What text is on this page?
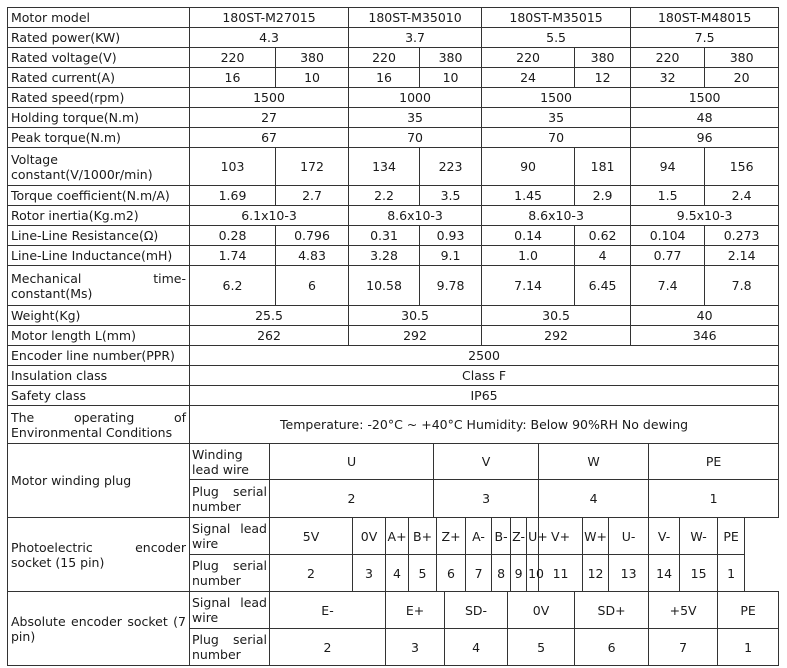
Motor model	180ST-M27015			180ST-M35010									180ST-M35015									180ST-M48015				
Rated power(KW)	4.3			3.7									5.5									7.5				
Rated voltage(V)	220		380	220				380					220						380			220			380	
Rated current(A)	16		10	16				10					24						12			32			20	
Rated speed(rpm)	1500			1000									1500									1500				
Holding torque(N.m)	27			35									35									48				
Peak torque(N.m)	67			70									70									96				
Voltage constant(V/1000r/min)	103		172	134				223					90						181			94			156	
Torque coefficient(N.m/A)	1.69		2.7	2.2				3.5					1.45						2.9			1.5			2.4	
Rotor inertia(Kg.m2)	6.1x10-3			8.6x10-3									8.6x10-3									9.5x10-3				
Line-Line Resistance(Ω)	0.28		0.796	0.31				0.93					0.14						0.62			0.104			0.273	
Line-Line Inductance(mH)	1.74		4.83	3.28				9.1					1.0						4			0.77			2.14	
Mechanical time-constant(Ms)	6.2		6	10.58				9.78					7.14						6.45			7.4			7.8	
Weight(Kg)	25.5			30.5									30.5									40				
Motor length L(mm)	262			292									292									346				
Encoder line number(PPR)	2500																									
Insulation class	Class F																									
Safety class	IP65																									
The operating of Environmental Conditions	Temperature: -20°C ~ +40°C Humidity: Below 90%RH No dewing																									
Motor winding plug	Winding lead wire	U							V									W					PE			
	Plug serial number	2							3									4					1			
Photoelectric encoder socket (15 pin)	Signal lead wire	5V			0V	A+	B+			Z+		A-		B-		Z-	U+	V+		W+	U-		V-	W-		PE
	Plug serial number	2			3	4	5			6		7		8		9	10	11		12	13		14	15		1
Absolute encoder socket (7 pin)	Signal lead wire	E-				E+					SD-				0V				SD+				+5V			PE
	Plug serial number	2				3					4				5				6				7			1
